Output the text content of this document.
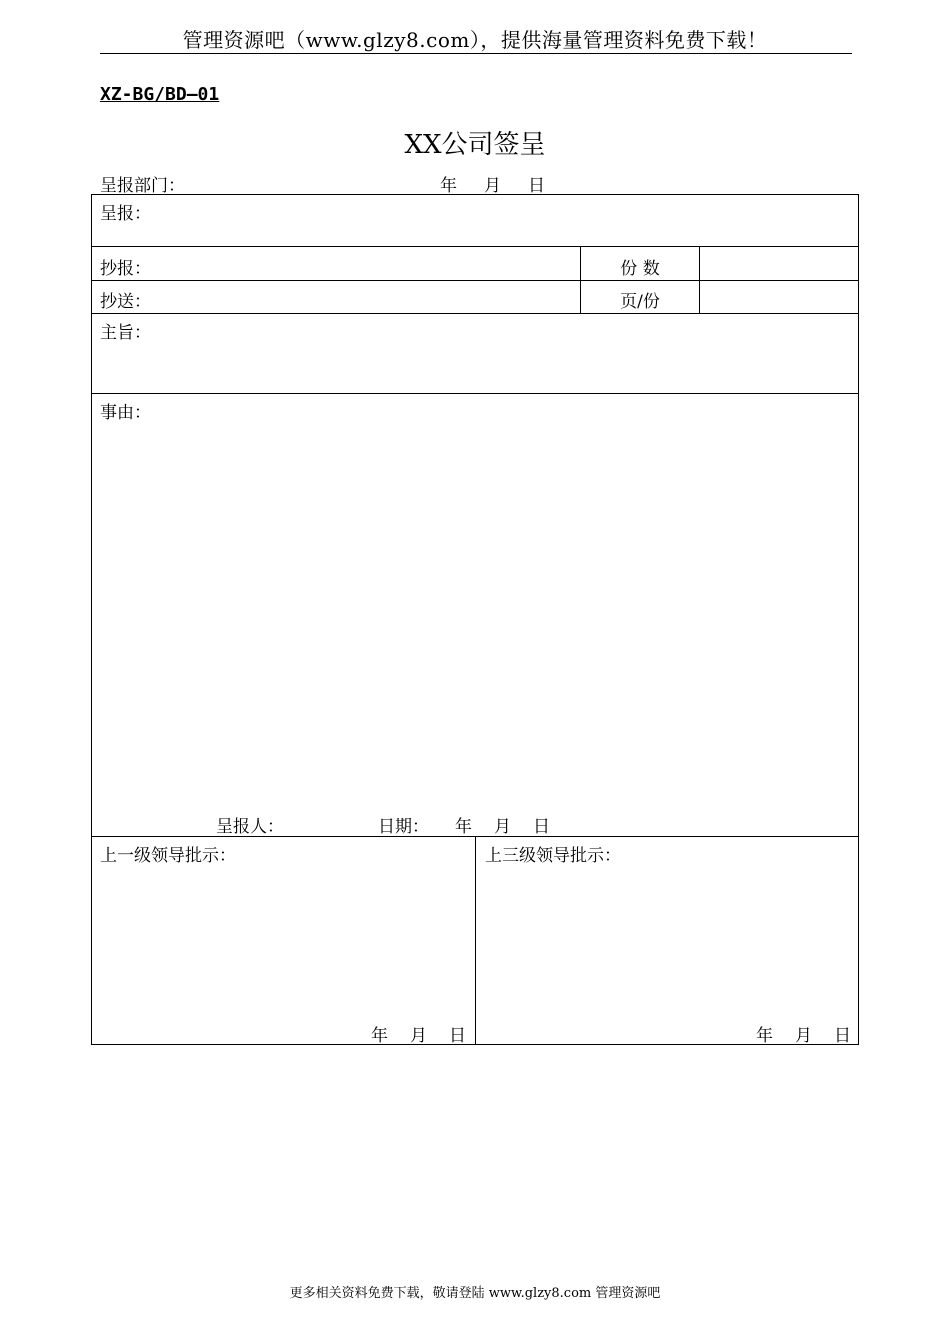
管理资源吧（www.glzy8.com），提供海量管理资料免费下载！
XZ-BG/BD—01
XX公司签呈
呈报部门：	年 月 日
呈报：
抄报：	份 数
抄送：	页/份
主旨：
事由：
呈报人：	日期： 年 月 日
上一级领导批示：	上三级领导批示：
年 月 日	年 月 日
更多相关资料免费下载，敬请登陆 www.glzy8.com 管理资源吧
